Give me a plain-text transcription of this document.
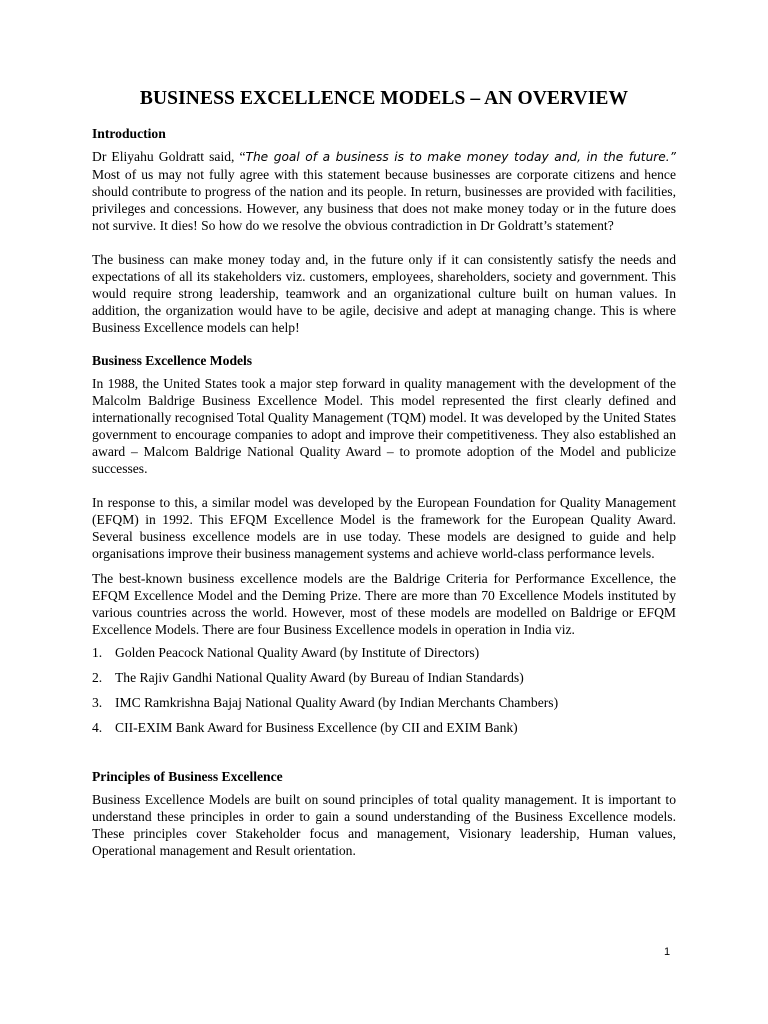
BUSINESS EXCELLENCE MODELS – AN OVERVIEW
Introduction

Dr Eliyahu Goldratt said, “The goal of a business is to make money today and, in the future.” Most of us may not fully agree with this statement because businesses are corporate citizens and hence should contribute to progress of the nation and its people. In return, businesses are provided with facilities, privileges and concessions. However, any business that does not make money today or in the future does not survive. It dies! So how do we resolve the obvious contradiction in Dr Goldratt’s statement?

The business can make money today and, in the future only if it can consistently satisfy the needs and expectations of all its stakeholders viz. customers, employees, shareholders, society and government. This would require strong leadership, teamwork and an organizational culture built on human values. In addition, the organization would have to be agile, decisive and adept at managing change. This is where Business Excellence models can help!

Business Excellence Models

In 1988, the United States took a major step forward in quality management with the development of the Malcolm Baldrige Business Excellence Model. This model represented the first clearly defined and internationally recognised Total Quality Management (TQM) model. It was developed by the United States government to encourage companies to adopt and improve their competitiveness. They also established an award – Malcom Baldrige National Quality Award – to promote adoption of the Model and publicize successes.

In response to this, a similar model was developed by the European Foundation for Quality Management (EFQM) in 1992. This EFQM Excellence Model is the framework for the European Quality Award. Several business excellence models are in use today. These models are designed to guide and help organisations improve their business management systems and achieve world-class performance levels.

The best-known business excellence models are the Baldrige Criteria for Performance Excellence, the EFQM Excellence Model and the Deming Prize. There are more than 70 Excellence Models instituted by various countries across the world. However, most of these models are modelled on Baldrige or EFQM Excellence Models. There are four Business Excellence models in operation in India viz.

1. Golden Peacock National Quality Award (by Institute of Directors)
2. The Rajiv Gandhi National Quality Award (by Bureau of Indian Standards)
3. IMC Ramkrishna Bajaj National Quality Award (by Indian Merchants Chambers)
4. CII-EXIM Bank Award for Business Excellence (by CII and EXIM Bank)
Principles of Business Excellence

Business Excellence Models are built on sound principles of total quality management. It is important to understand these principles in order to gain a sound understanding of the Business Excellence models. These principles cover Stakeholder focus and management, Visionary leadership, Human values, Operational management and Result orientation.

1
